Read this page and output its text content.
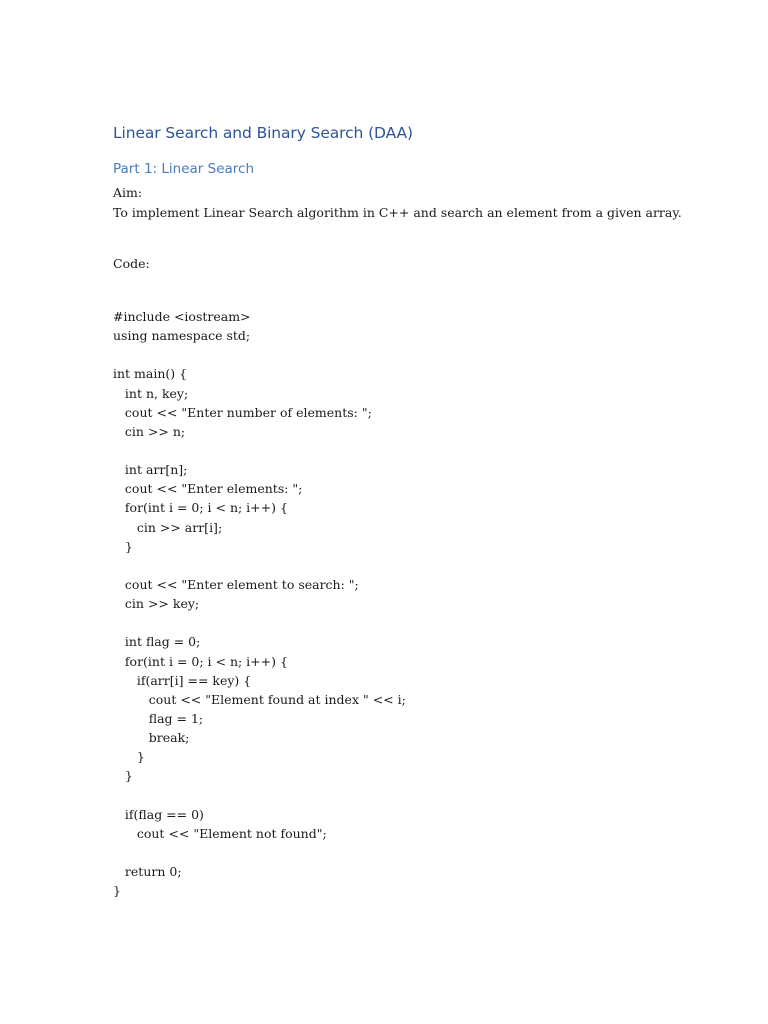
Linear Search and Binary Search (DAA)
Part 1: Linear Search

Aim:

To implement Linear Search algorithm in C++ and search an element from a given array.

Code:

#include <iostream>
using namespace std;
int main() {
int n, key;
cout << "Enter number of elements: ";
cin >> n;
int arr[n];
cout << "Enter elements: ";
for(int i = 0; i < n; i++) {
cin >> arr[i];
}
cout << "Enter element to search: ";
cin >> key;
int flag = 0;
for(int i = 0; i < n; i++) {
if(arr[i] == key) {
cout << "Element found at index " << i;
flag = 1;
break;
}
}
if(flag == 0)
cout << "Element not found";
return 0;
}
